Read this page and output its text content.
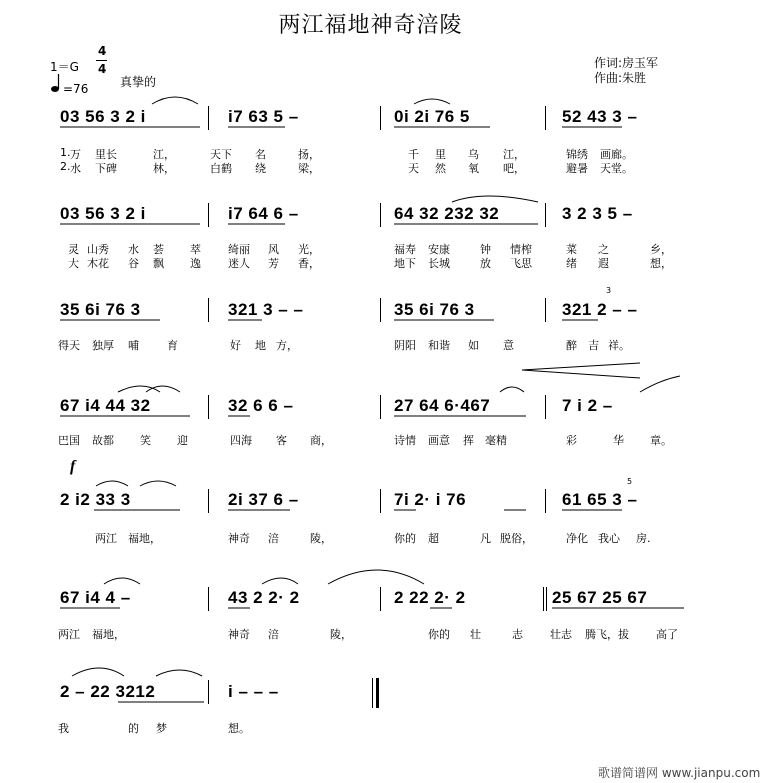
两江福地神奇涪陵
作词:房玉军
作曲:朱胜
1＝G
4
4
真挚的
=76
03 56 3 2 i	i7 63 5 –	0i 2i 76 5	52 43 3 –
1. 万 里长	江，	天下 名	扬，	千 里 乌 江，	锦绣 画廊。
2. 水 下碑	林，	白鹤 绕	梁，	天 然 氧 吧，	避暑 天堂。
03 56 3 2 i	i7 64 6 –	64 32 232 32	3 2 3 5 –
灵 山秀 水 荟 萃 绮丽 风 光，	福寿 安康	钟 情榨	菜 之	乡，
大 木花 谷 飘 逸 迷人 芳 香，	地下 长城	放 飞思	绪 遐	想，
35 6i 76 3	321 3 – –	35 6i 76 3	321 2 – –
3
得天 独厚 哺	育	好 地 方，	阴阳 和谐 如 意	醉 吉 祥。
67 i4 44 32	32 6 6 –	27 64 6·467	7 i 2 –
巴国 故都 笑 迎	四海 客 商，	诗情 画意 挥 毫精	彩	华 章。
f
2 i2 33 3	2i 37 6 –	7i 2· i 76	61 65 3 –
5
两江 福地，	神奇 涪	陵，	你的 超	凡 脱俗，	净化 我心 房.
67 i4 4 –	43 2 2· 2	2 22 2· 2	25 67 25 67
两江 福地，	神奇 涪	陵，	你的 壮	志 壮志 腾飞，拔 高了
2 – 22 3212	i – – –
我	的 梦	想。
歌谱简谱网 www.jianpu.com
